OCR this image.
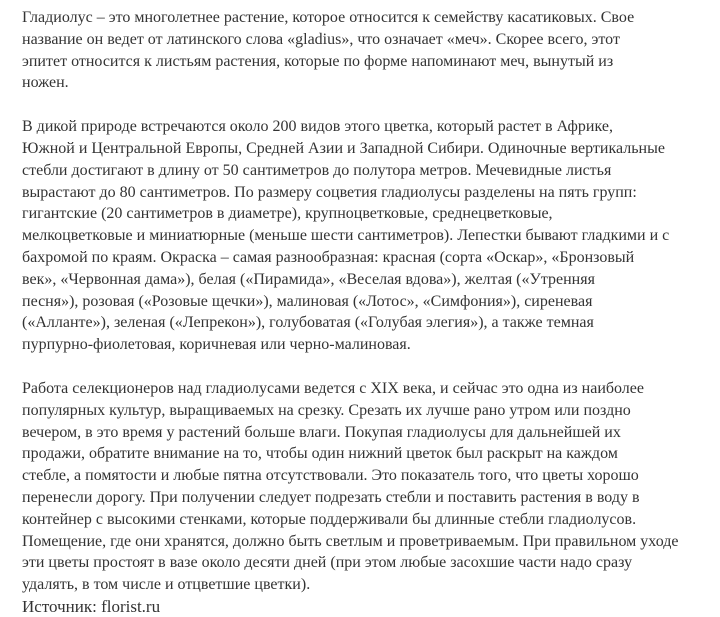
Гладиолус – это многолетнее растение, которое относится к семейству касатиковых. Свое
название он ведет от латинского слова «gladius», что означает «меч». Скорее всего, этот
эпитет относится к листьям растения, которые по форме напоминают меч, вынутый из
ножен.

В дикой природе встречаются около 200 видов этого цветка, который растет в Африке,
Южной и Центральной Европы, Средней Азии и Западной Сибири. Одиночные вертикальные
стебли достигают в длину от 50 сантиметров до полутора метров. Мечевидные листья
вырастают до 80 сантиметров. По размеру соцветия гладиолусы разделены на пять групп:
гигантские (20 сантиметров в диаметре), крупноцветковые, среднецветковые,
мелкоцветковые и миниатюрные (меньше шести сантиметров). Лепестки бывают гладкими и с
бахромой по краям. Окраска – самая разнообразная: красная (сорта «Оскар», «Бронзовый
век», «Червонная дама»), белая («Пирамида», «Веселая вдова»), желтая («Утренняя
песня»), розовая («Розовые щечки»), малиновая («Лотос», «Симфония»), сиреневая
(«Алланте»), зеленая («Лепрекон»), голубоватая («Голубая элегия»), а также темная
пурпурно-фиолетовая, коричневая или черно-малиновая.

Работа селекционеров над гладиолусами ведется с XIX века, и сейчас это одна из наиболее
популярных культур, выращиваемых на срезку. Срезать их лучше рано утром или поздно
вечером, в это время у растений больше влаги. Покупая гладиолусы для дальнейшей их
продажи, обратите внимание на то, чтобы один нижний цветок был раскрыт на каждом
стебле, а помятости и любые пятна отсутствовали. Это показатель того, что цветы хорошо
перенесли дорогу. При получении следует подрезать стебли и поставить растения в воду в
контейнер с высокими стенками, которые поддерживали бы длинные стебли гладиолусов.
Помещение, где они хранятся, должно быть светлым и проветриваемым. При правильном уходе
эти цветы простоят в вазе около десяти дней (при этом любые засохшие части надо сразу
удалять, в том числе и отцветшие цветки).

Источник: florist.ru
